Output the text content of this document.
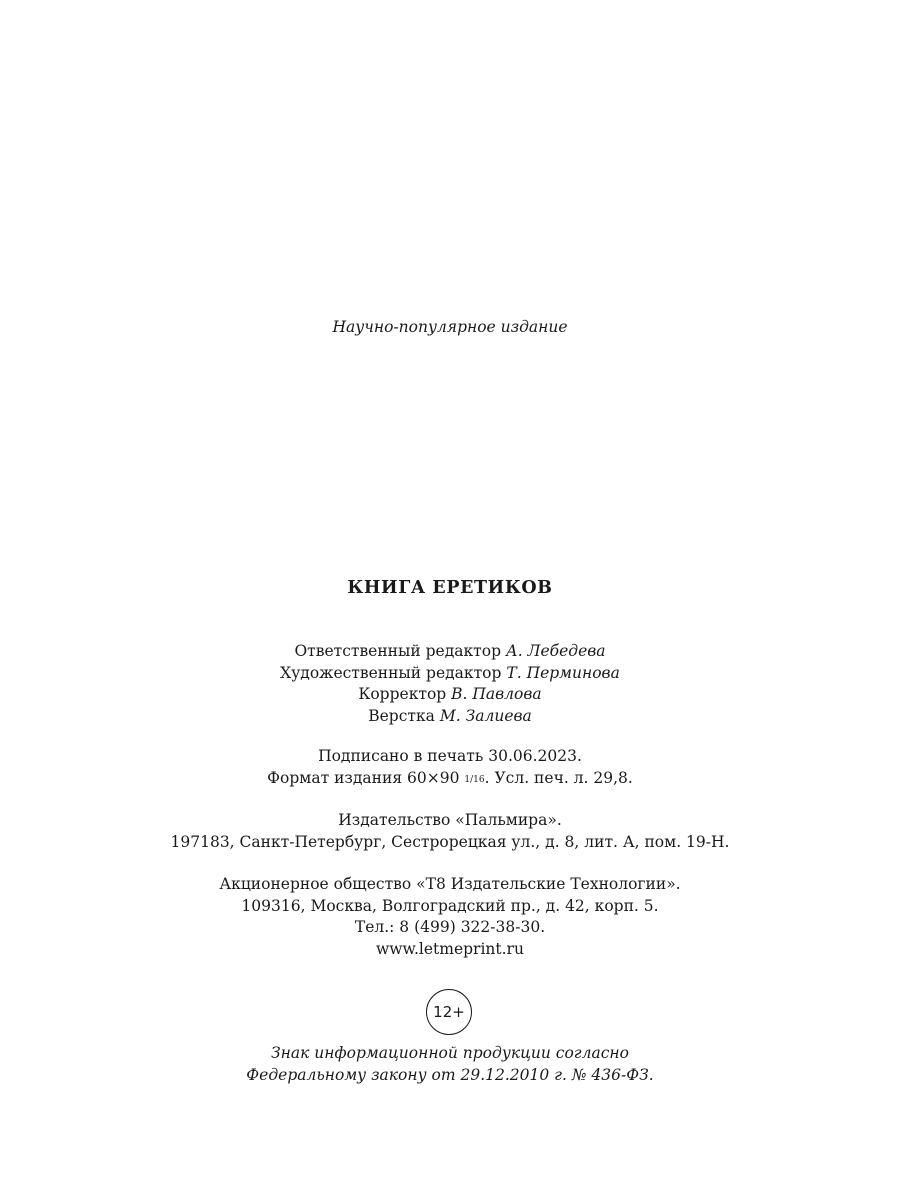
Научно-популярное издание
КНИГА ЕРЕТИКОВ
Ответственный редактор А. Лебедева
Художественный редактор Т. Перминова
Корректор В. Павлова
Верстка М. Залиева
Подписано в печать 30.06.2023.
Формат издания 60×90 1/16. Усл. печ. л. 29,8.
Издательство «Пальмира».
197183, Санкт-Петербург, Сестрорецкая ул., д. 8, лит. А, пом. 19-Н.
Акционерное общество «Т8 Издательские Технологии».
109316, Москва, Волгоградский пр., д. 42, корп. 5.
Тел.: 8 (499) 322-38-30.
www.letmeprint.ru
12+
Знак информационной продукции согласно
Федеральному закону от 29.12.2010 г. № 436-ФЗ.
